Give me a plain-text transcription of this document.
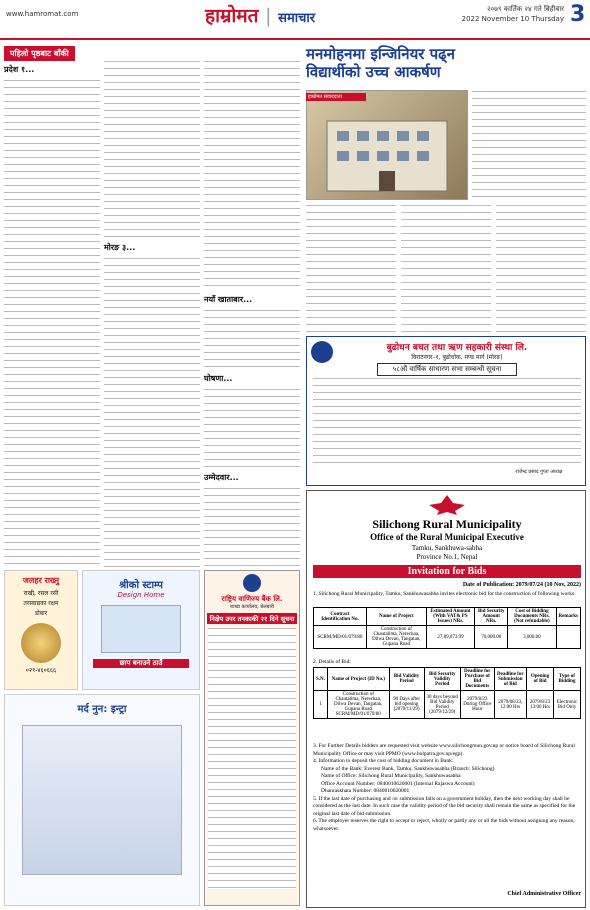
www.hamromat.com	हाम्रोमत | समाचार
२०७९ कार्तिक २४ गते बिहीबार
2022 November 10 Thursday 3
पहिलो पृष्ठबाट बाँकी
प्रदेश १...
मोरङ ३...
नयाँ खाताबार...
घोषणा...
उम्मेदवार...
मनमोहनमा इन्जिनियर पढ्न
विद्यार्थीको उच्च आकर्षण
हाम्रोमत संवाददाता
बुढोधन बचत तथा ऋण सहकारी संस्था लि.
विराटनगर–१, बुढोधोक, मण्ड मार्ग (मोरङ)
५८औं वार्षिक साधारण सभा सम्बन्धी सूचना
राजेन्द्र प्रसाद गुप्ता अध्यक्ष
Silichong Rural Municipality
Office of the Rural Municipal Executive
Tamku, Sankhuwa-sabha
Province No.1, Nepal
Invitation for Bids
Date of Publication: 2079/07/24 (10 Nov, 2022)
1. Silichong Rural Municipality, Tamku, Sankhuwasabha invites electronic bid for the construction of following works.
Contract Identification No.	Name of Project	Estimated Amount (With VAT& PS Issues) NRs.	Bid Security Amount NRs.	Cost of Bidding Documents NRs. (Not refundable)	Remarks
SCRM/MD/01/079/80	Construction of Chautalima, Nerechaa, Dilwa Devan, Tangatan, Gupana Road	27,89,073.99	70,000.00	3,000.00	
2. Details of Bid:
S.N.	Name of Project (ID No.)	Bid Validity Period	Bid Security Validity Period	Deadline for Purchase of Bid Documents	Deadline for Submission of Bid	Opening of Bid	Type of Bidding
1	Construction of Chautalima, Nerechaa, Dilwa Devan, Tangatan, Gupana Road SCRM/MD/01/079/80	90 Days after bid opening (2079/11/29)	30 days beyond Bid Validity Period (2079/12/29)	2079/8/23 During Office Hour	2079/08/23, 12:00 Hrs	2079/8/23 13:00 Hrs	Electronic Bid Only
3. For Further Details bidders are requested visit website www.silichongmun.gov.np or notice board of Silichong Rural Municipality Office or may visit PPMO (www.bolpatra.gov.np/egp).
4. Information to deposit the cost of bidding document in Bank:
Name of the Bank: Everest Bank, Tamku, Sankhuwasabha (Branch: Silichong)
Name of Office: Silichong Rural Municipality, Sankhuwasabha
Office Account Number: 0840010620001 (Internal Rajaswa Account)
Dhanraskhata Number: 0840010620001
5. If the last date of purchasing and /or submission falls on a government holiday, then the next working day shall be considered as the last date. In such case the validity period of the bid security shall remain the same as specified for the original last date of bid submission.
6. The employer reserves the right to accept or reject, wholly or partly any or all the bids without assigning any reason, whatsoever.
Chief Administrative Officer
जलहर राख्नु
राखी, रसल रसी
तरस्वाद्यका रक्षम
डोबार
०२१-४६०६६६
श्रीको स्टाम्प
Design Home
छाप बनाउने ठाउँ
मर्द नुन: इन्ट्रा
राष्ट्रिय वाणिज्य बैंक लि.
शाखा कार्यालय, बेलबारी
निक्षेप उपर तनकाकी २१ दिने सूचना
